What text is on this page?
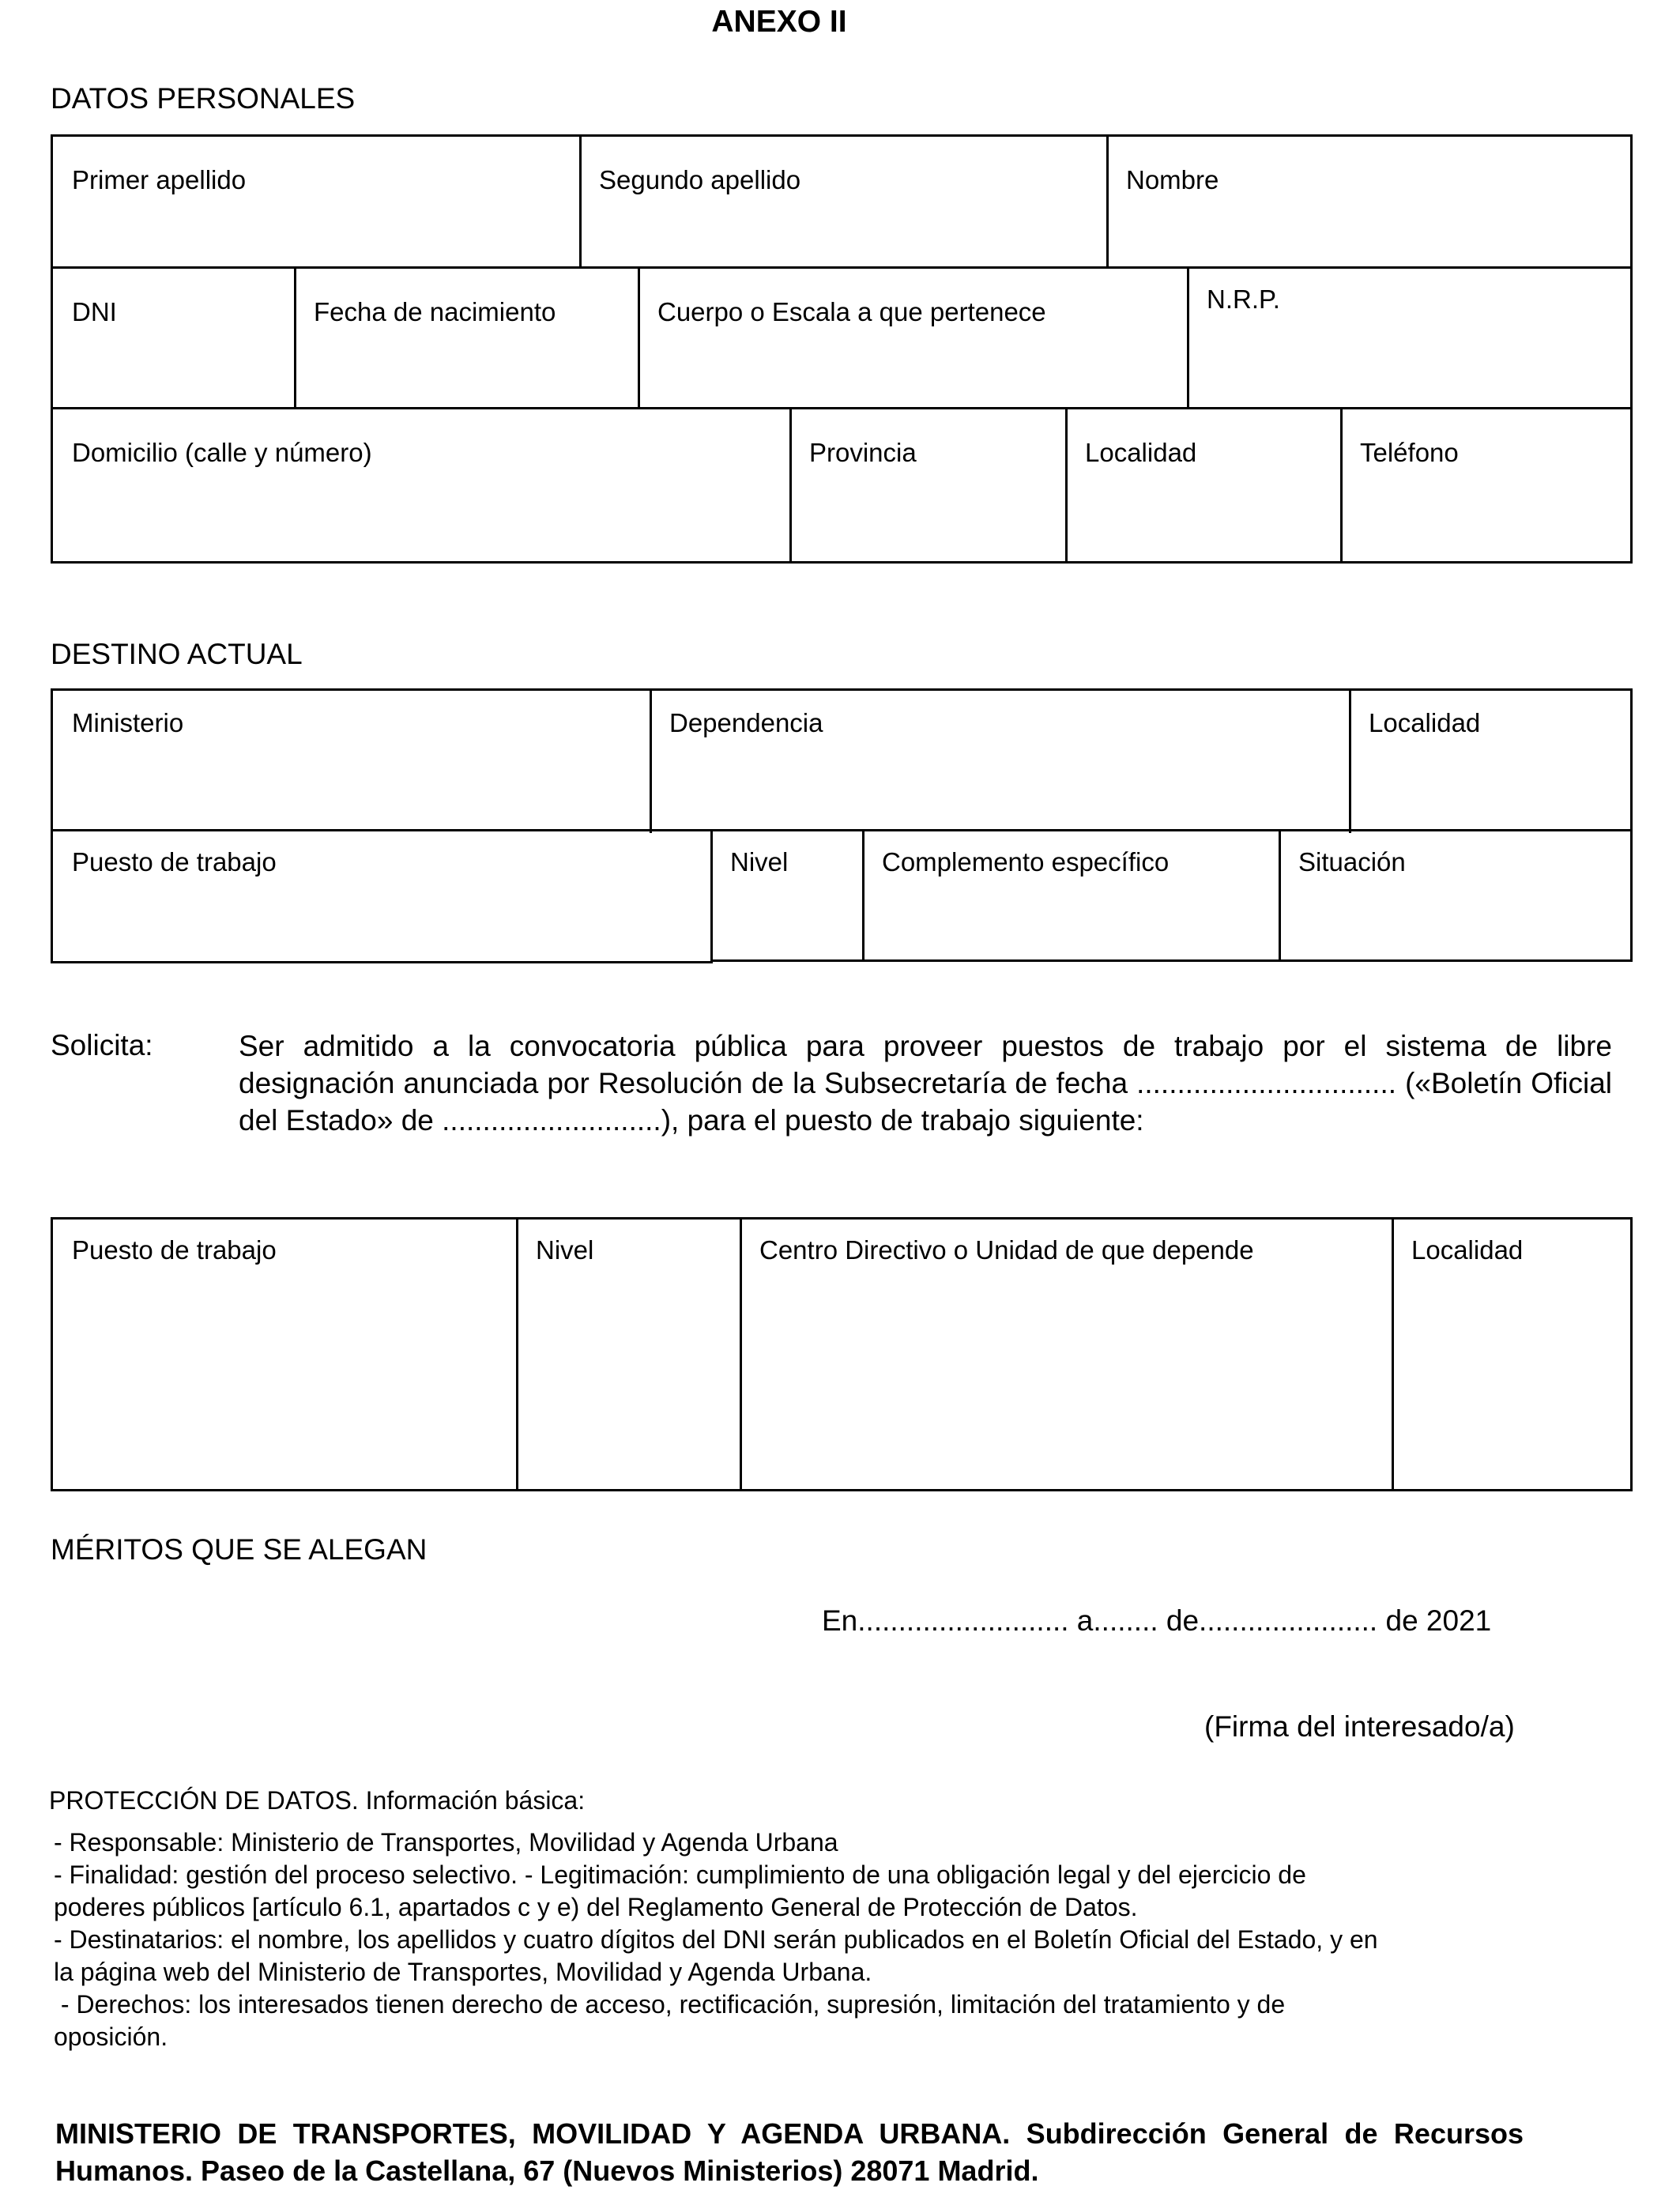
ANEXO II
DATOS PERSONALES
Primer apellido	Segundo apellido	Nombre
DNI	Fecha de nacimiento	Cuerpo o Escala a que pertenece	N.R.P.
Domicilio (calle y número)	Provincia	Localidad	Teléfono
DESTINO ACTUAL
Ministerio	Dependencia	Localidad
Puesto de trabajo	Nivel	Complemento específico	Situación
Solicita:	Ser admitido a la convocatoria pública para proveer puestos de trabajo por el sistema de libre designación anunciada por Resolución de la Subsecretaría de fecha ................................ («Boletín Oficial del Estado» de ...........................), para el puesto de trabajo siguiente:
Puesto de trabajo	Nivel	Centro Directivo o Unidad de que depende	Localidad
MÉRITOS QUE SE ALEGAN
En.......................... a........ de...................... de 2021
(Firma del interesado/a)
PROTECCIÓN DE DATOS. Información básica:
- Responsable: Ministerio de Transportes, Movilidad y Agenda Urbana
- Finalidad: gestión del proceso selectivo. - Legitimación: cumplimiento de una obligación legal y del ejercicio de
poderes públicos [artículo 6.1, apartados c y e) del Reglamento General de Protección de Datos.
- Destinatarios: el nombre, los apellidos y cuatro dígitos del DNI serán publicados en el Boletín Oficial del Estado, y en
la página web del Ministerio de Transportes, Movilidad y Agenda Urbana.
- Derechos: los interesados tienen derecho de acceso, rectificación, supresión, limitación del tratamiento y de
oposición.
MINISTERIO DE TRANSPORTES, MOVILIDAD Y AGENDA URBANA. Subdirección General de Recursos Humanos. Paseo de la Castellana, 67 (Nuevos Ministerios) 28071 Madrid.
